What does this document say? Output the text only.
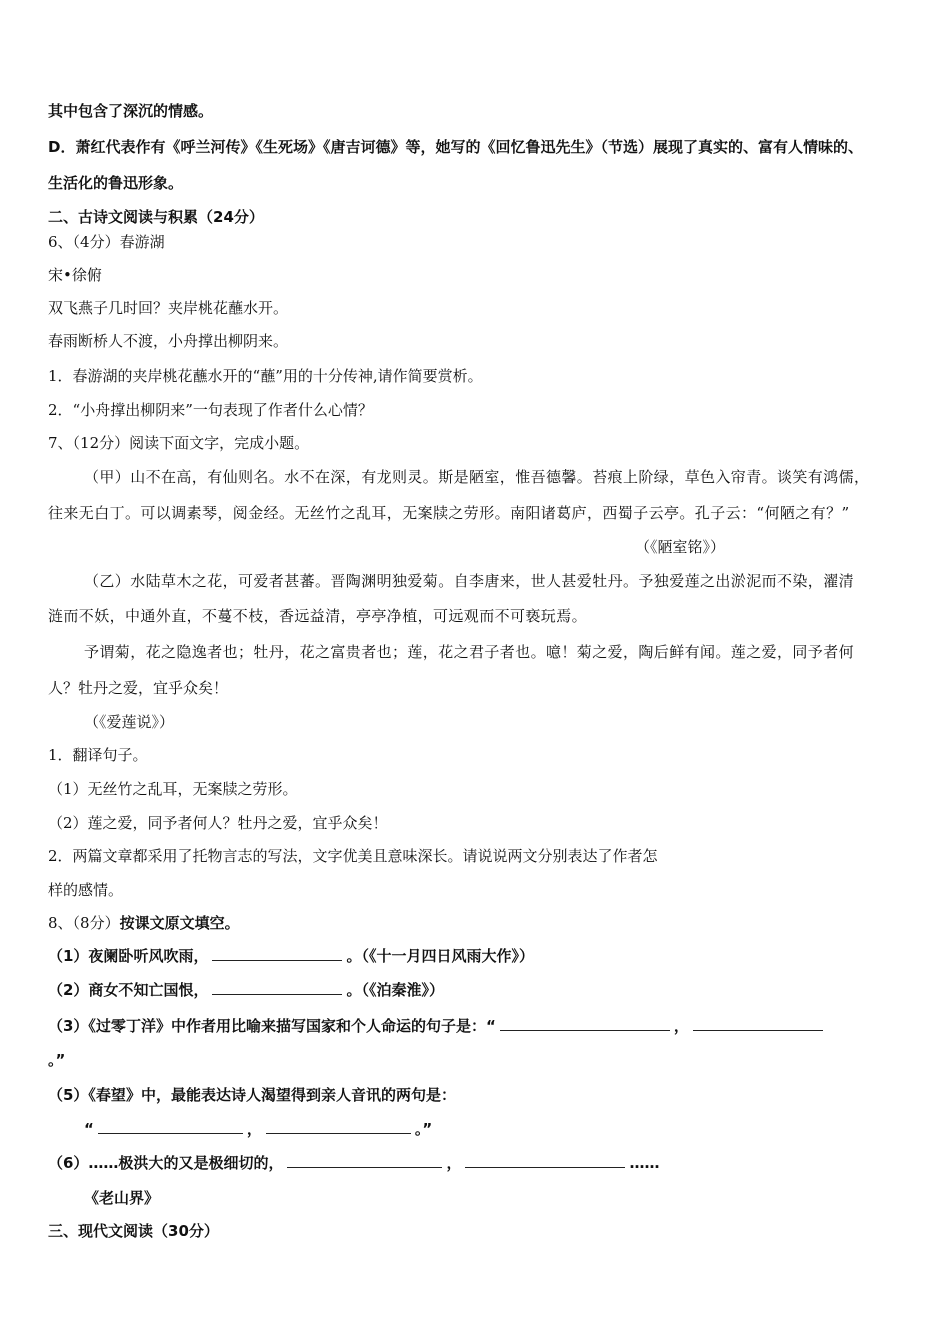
其中包含了深沉的情感。
D．萧红代表作有《呼兰河传》《生死场》《唐吉诃德》等，她写的《回忆鲁迅先生》（节选）展现了真实的、富有人情味的、
生活化的鲁迅形象。
二、古诗文阅读与积累（24分）
6、（4分）春游湖
宋•徐俯
双飞燕子几时回？夹岸桃花蘸水开。
春雨断桥人不渡，小舟撑出柳阴来。
1．春游湖的夹岸桃花蘸水开的“蘸”用的十分传神,请作简要赏析。
2．“小舟撑出柳阴来”一句表现了作者什么心情？
7、（12分）阅读下面文字，完成小题。
（甲）山不在高，有仙则名。水不在深，有龙则灵。斯是陋室，惟吾德馨。苔痕上阶绿，草色入帘青。谈笑有鸿儒，
往来无白丁。可以调素琴，阅金经。无丝竹之乱耳，无案牍之劳形。南阳诸葛庐，西蜀子云亭。孔子云：“何陋之有？”
（《陋室铭》）
（乙）水陆草木之花，可爱者甚蕃。晋陶渊明独爱菊。自李唐来，世人甚爱牡丹。予独爱莲之出淤泥而不染，濯清
涟而不妖，中通外直，不蔓不枝，香远益清，亭亭净植，可远观而不可亵玩焉。
予谓菊，花之隐逸者也；牡丹，花之富贵者也；莲，花之君子者也。噫！菊之爱，陶后鲜有闻。莲之爱，同予者何
人？牡丹之爱，宜乎众矣！
（《爱莲说》）
1．翻译句子。
（1）无丝竹之乱耳，无案牍之劳形。
（2）莲之爱，同予者何人？牡丹之爱，宜乎众矣！
2．两篇文章都采用了托物言志的写法，文字优美且意味深长。请说说两文分别表达了作者怎
样的感情。
8、（8分）按课文原文填空。
（1）夜阑卧听风吹雨，	。（《十一月四日风雨大作》）
（2）商女不知亡国恨，	。（《泊秦淮》）
（3）《过零丁洋》中作者用比喻来描写国家和个人命运的句子是：“	，
。”
（5）《春望》中，最能表达诗人渴望得到亲人音讯的两句是：
“	，	。”
（6）……极洪大的又是极细切的，	，	……
《老山界》
三、现代文阅读（30分）
